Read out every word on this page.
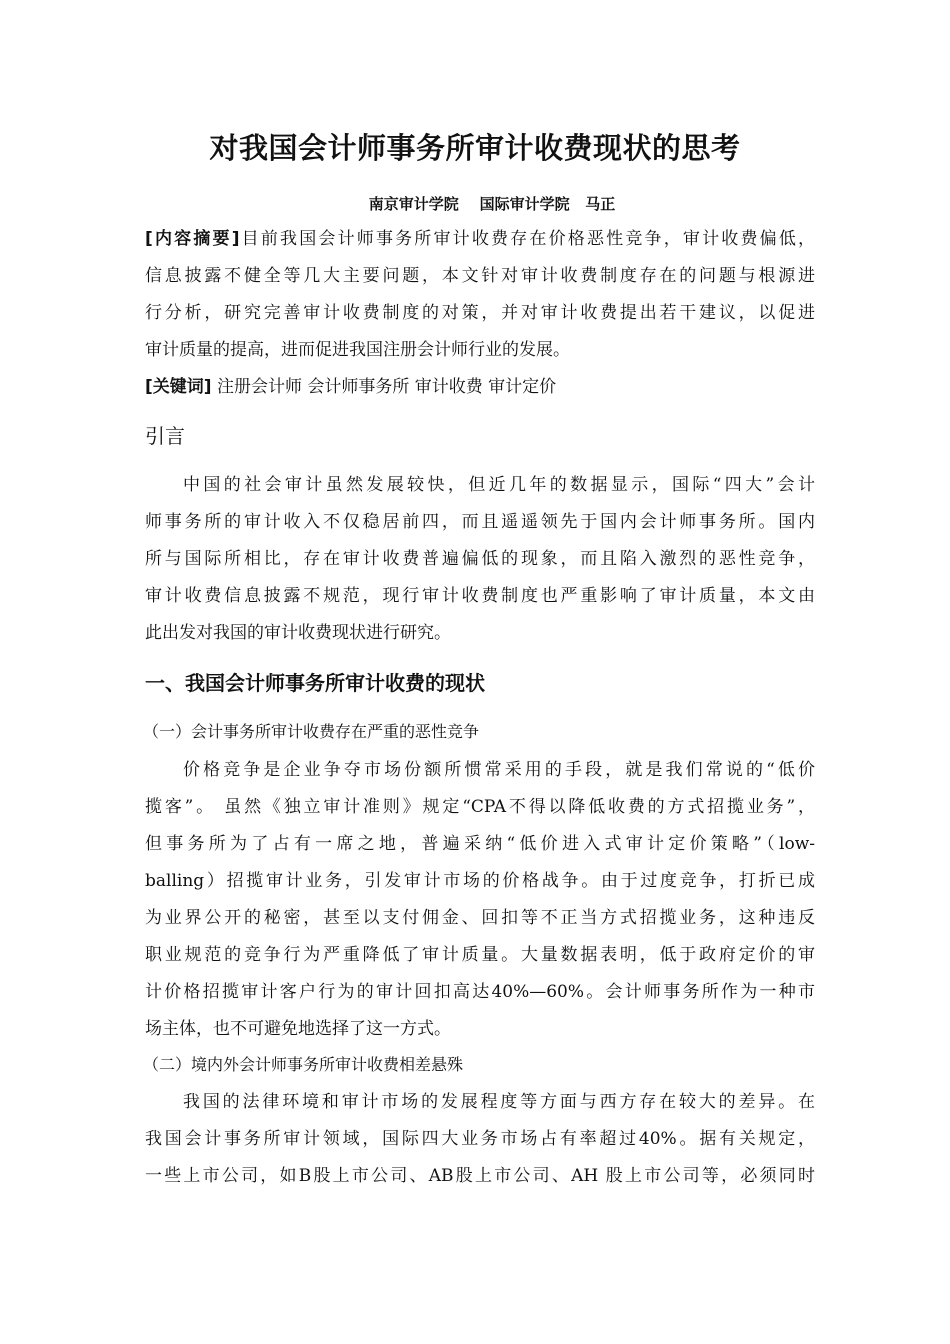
对我国会计师事务所审计收费现状的思考
南京审计学院    国际审计学院   马正
[内容摘要]目前我国会计师事务所审计收费存在价格恶性竞争，审计收费偏低，
信息披露不健全等几大主要问题，本文针对审计收费制度存在的问题与根源进
行分析，研究完善审计收费制度的对策，并对审计收费提出若干建议，以促进
审计质量的提高，进而促进我国注册会计师行业的发展。
[关键词] 注册会计师 会计师事务所 审计收费 审计定价
引言
中国的社会审计虽然发展较快，但近几年的数据显示，国际“四大”会计
师事务所的审计收入不仅稳居前四，而且遥遥领先于国内会计师事务所。国内
所与国际所相比，存在审计收费普遍偏低的现象，而且陷入激烈的恶性竞争，
审计收费信息披露不规范，现行审计收费制度也严重影响了审计质量，本文由
此出发对我国的审计收费现状进行研究。
一、我国会计师事务所审计收费的现状
（一）会计事务所审计收费存在严重的恶性竞争
价格竞争是企业争夺市场份额所惯常采用的手段，就是我们常说的“低价
揽客”。 虽然《独立审计准则》规定“CPA不得以降低收费的方式招揽业务”，
但事务所为了占有一席之地，普遍采纳“低价进入式审计定价策略”（low-
balling）招揽审计业务，引发审计市场的价格战争。由于过度竞争，打折已成
为业界公开的秘密，甚至以支付佣金、回扣等不正当方式招揽业务，这种违反
职业规范的竞争行为严重降低了审计质量。大量数据表明，低于政府定价的审
计价格招揽审计客户行为的审计回扣高达40%—60%。会计师事务所作为一种市
场主体，也不可避免地选择了这一方式。
（二）境内外会计师事务所审计收费相差悬殊
我国的法律环境和审计市场的发展程度等方面与西方存在较大的差异。在
我国会计事务所审计领域，国际四大业务市场占有率超过40%。据有关规定，
一些上市公司，如B股上市公司、AB股上市公司、AH 股上市公司等，必须同时
